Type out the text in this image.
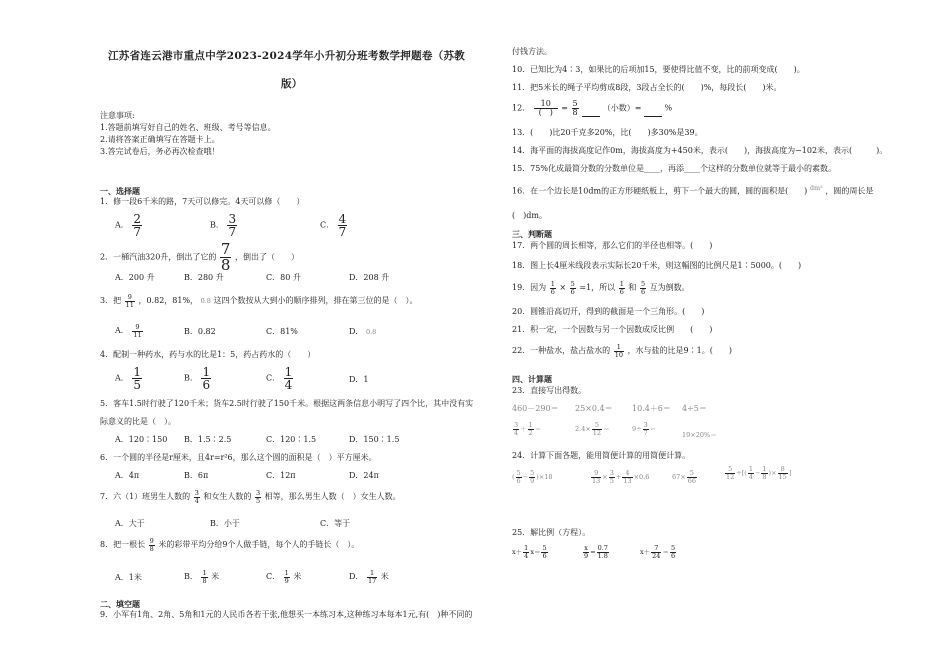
江苏省连云港市重点中学2023-2024学年小升初分班考数学押题卷（苏教
版）
注意事项:
1.答题前填写好自己的姓名、班级、考号等信息。
2.请将答案正确填写在答题卡上。
3.答完试卷后，务必再次检查哦！
一、选择题
1．修一段6千米的路，7天可以修完。4天可以修（　　）
A． $\frac{2}{7}$	B． $\frac{3}{7}$	C． $\frac{4}{7}$
2．一桶汽油320升，倒出了它的 $\frac{7}{8}$ ，倒出了（　　）
A．200 升	B．280 升	C．80 升	D．208 升
3．把 $\frac{9}{11}$ ，0.82，81%， 0.8 这四个数按从大到小的顺序排列，排在第三位的是（　）。
A． $\frac{9}{11}$	B．0.82	C．81%	D． 0.8
4．配制一种药水，药与水的比是1：5，药占药水的（　　）
A． $\frac{1}{5}$	B． $\frac{1}{6}$	C． $\frac{1}{4}$	D．1
5．客车1.5时行驶了120千米；货车2.5时行驶了150千米。根据这两条信息小明写了四个比，其中没有实
际意义的比是（　）。
A．120∶150 B．1.5∶2.5	C．120∶1.5	D．150∶1.5
6．一个圆的半径是r厘米，且4r=r²6，那么这个圆的面积是（　）平方厘米。
A．4π	B．6π	C．12π	D．24π
7．六（1）班男生人数的 $\frac{3}{4}$ 和女生人数的 $\frac{3}{5}$ 相等，那么男生人数（　）女生人数。
A．大于	B．小于	C．等于
8．把一根长 $\frac{9}{8}$ 米的彩带平均分给9个人做手链，每个人的手链长（　）。
A．1米	B． $\frac{1}{8}$ 米	C． $\frac{1}{9}$ 米	D． $\frac{1}{17}$ 米
二、填空题
9．小军有1角、2角、5角和1元的人民币各若干张,他想买一本练习本,这种练习本每本1元,有(　)种不同的
付钱方法。
10．已知比为4∶3，如果比的后项加15，要使得比值不变，比的前项变成(　　)。
11．把5米长的绳子平均剪成8段，3段占全长的(　　)%，每段长(　　)米。
12． $\frac{10}{( )} = \frac{5}{8}$	（小数）=	%
13．(　　)比20千克多20%，比(　　)多30%是39。
14．海平面的海拔高度记作0m，海拔高度为+450米，表示(　　)，海拔高度为−102米，表示(　　　)。
15．75%化成最简分数的分数单位是____，再添____个这样的分数单位就等于最小的素数。
16．在一个边长是10dm的正方形硬纸板上，剪下一个最大的圆，圆的面积是(　　) $^{dm^2}$ ，圆的周长是
(　)dm。
三、判断题
17．两个圆的周长相等，那么它们的半径也相等。(　　)
18．图上长4厘米线段表示实际长20千米，则这幅图的比例尺是1∶5000。(　　)
19．因为 $\frac{1}{6} \times \frac{5}{6} =1$，所以 $\frac{1}{6}$ 和 $\frac{5}{6}$ 互为倒数。
20．圆锥沿高切开，得到的截面是一个三角形。(　　)
21．积一定，一个因数与另一个因数成反比例　　(　　)
22．一种盐水，盐占盐水的 $\frac{1}{10}$ ，水与盐的比是9∶1。(　　)
四、计算题
23．直接写出得数。
460－290＝ 25×0.4＝ 10.4＋6＝ 4÷5＝
$\frac{3}{4} + \frac{1}{2}$ ＝	$2.4\times \frac{5}{12}$ ＝	$9\div \frac{3}{7}$ ＝
19×20%＝
24．计算下面各题，能用简便计算的用简便计算。
( $\frac{5}{6} - \frac{5}{9} )\times 18$	$\frac{9}{13} \times \frac{3}{5} + \frac{4}{13} \times 0.6$	$67\times \frac{5}{66}$	$\frac{5}{12}$ ÷[( $\frac{1}{4} - \frac{1}{8}$ )× $\frac{8}{15}$ ]
25．解比例（方程）。
$x+ \frac{1}{4} x= \frac{5}{6}$	$\frac{x}{9} = \frac{0.7}{1.8}$	$x+ \frac{7}{24} = \frac{5}{6}$
